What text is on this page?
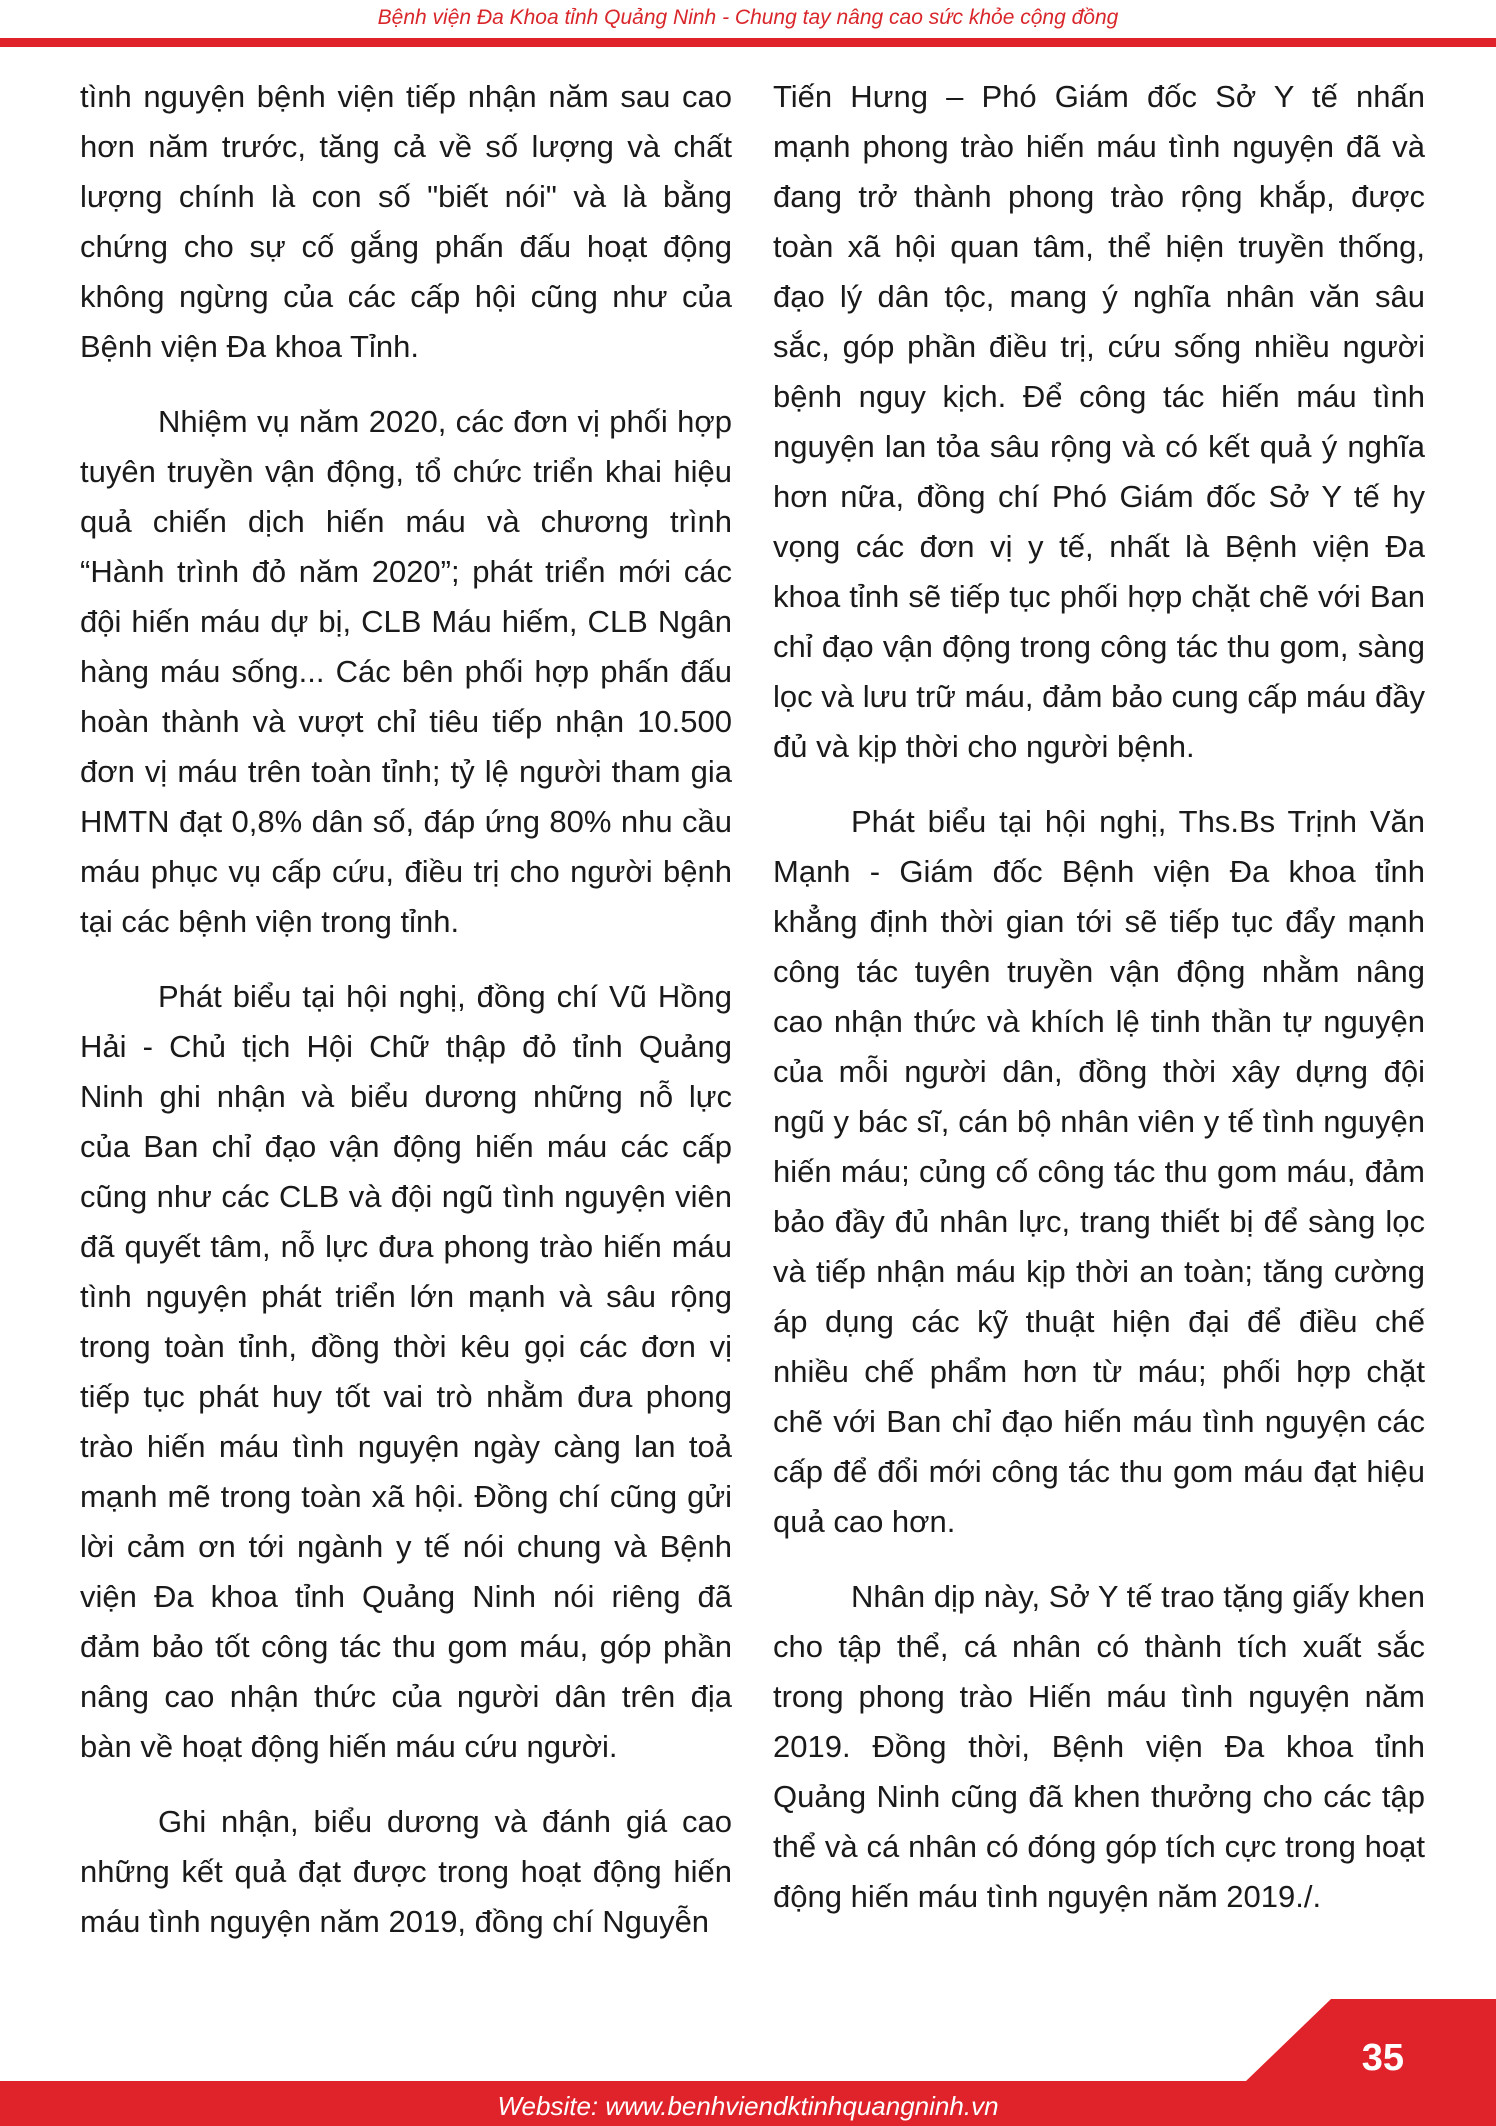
Bệnh viện Đa Khoa tỉnh Quảng Ninh - Chung tay nâng cao sức khỏe cộng đồng

tình nguyện bệnh viện tiếp nhận năm sau cao hơn năm trước, tăng cả về số lượng và chất lượng chính là con số "biết nói" và là bằng chứng cho sự cố gắng phấn đấu hoạt động không ngừng của các cấp hội cũng như của Bệnh viện Đa khoa Tỉnh.

Nhiệm vụ năm 2020, các đơn vị phối hợp tuyên truyền vận động, tổ chức triển khai hiệu quả chiến dịch hiến máu và chương trình “Hành trình đỏ năm 2020”; phát triển mới các đội hiến máu dự bị, CLB Máu hiếm, CLB Ngân hàng máu sống... Các bên phối hợp phấn đấu hoàn thành và vượt chỉ tiêu tiếp nhận 10.500 đơn vị máu trên toàn tỉnh; tỷ lệ người tham gia HMTN đạt 0,8% dân số, đáp ứng 80% nhu cầu máu phục vụ cấp cứu, điều trị cho người bệnh tại các bệnh viện trong tỉnh.

Phát biểu tại hội nghị, đồng chí Vũ Hồng Hải - Chủ tịch Hội Chữ thập đỏ tỉnh Quảng Ninh ghi nhận và biểu dương những nỗ lực của Ban chỉ đạo vận động hiến máu các cấp cũng như các CLB và đội ngũ tình nguyện viên đã quyết tâm, nỗ lực đưa phong trào hiến máu tình nguyện phát triển lớn mạnh và sâu rộng trong toàn tỉnh, đồng thời kêu gọi các đơn vị tiếp tục phát huy tốt vai trò nhằm đưa phong trào hiến máu tình nguyện ngày càng lan toả mạnh mẽ trong toàn xã hội. Đồng chí cũng gửi lời cảm ơn tới ngành y tế nói chung và Bệnh viện Đa khoa tỉnh Quảng Ninh nói riêng đã đảm bảo tốt công tác thu gom máu, góp phần nâng cao nhận thức của người dân trên địa bàn về hoạt động hiến máu cứu người.

Ghi nhận, biểu dương và đánh giá cao những kết quả đạt được trong hoạt động hiến máu tình nguyện năm 2019, đồng chí Nguyễn

Tiến Hưng – Phó Giám đốc Sở Y tế nhấn mạnh phong trào hiến máu tình nguyện đã và đang trở thành phong trào rộng khắp, được toàn xã hội quan tâm, thể hiện truyền thống, đạo lý dân tộc, mang ý nghĩa nhân văn sâu sắc, góp phần điều trị, cứu sống nhiều người bệnh nguy kịch. Để công tác hiến máu tình nguyện lan tỏa sâu rộng và có kết quả ý nghĩa hơn nữa, đồng chí Phó Giám đốc Sở Y tế hy vọng các đơn vị y tế, nhất là Bệnh viện Đa khoa tỉnh sẽ tiếp tục phối hợp chặt chẽ với Ban chỉ đạo vận động trong công tác thu gom, sàng lọc và lưu trữ máu, đảm bảo cung cấp máu đầy đủ và kịp thời cho người bệnh.

Phát biểu tại hội nghị, Ths.Bs Trịnh Văn Mạnh - Giám đốc Bệnh viện Đa khoa tỉnh khẳng định thời gian tới sẽ tiếp tục đẩy mạnh công tác tuyên truyền vận động nhằm nâng cao nhận thức và khích lệ tinh thần tự nguyện của mỗi người dân, đồng thời xây dựng đội ngũ y bác sĩ, cán bộ nhân viên y tế tình nguyện hiến máu; củng cố công tác thu gom máu, đảm bảo đầy đủ nhân lực, trang thiết bị để sàng lọc và tiếp nhận máu kịp thời an toàn; tăng cường áp dụng các kỹ thuật hiện đại để điều chế nhiều chế phẩm hơn từ máu; phối hợp chặt chẽ với Ban chỉ đạo hiến máu tình nguyện các cấp để đổi mới công tác thu gom máu đạt hiệu quả cao hơn.

Nhân dịp này, Sở Y tế trao tặng giấy khen cho tập thể, cá nhân có thành tích xuất sắc trong phong trào Hiến máu tình nguyện năm 2019. Đồng thời, Bệnh viện Đa khoa tỉnh Quảng Ninh cũng đã khen thưởng cho các tập thể và cá nhân có đóng góp tích cực trong hoạt động hiến máu tình nguyện năm 2019./.

35
Website: www.benhviendktinhquangninh.vn
